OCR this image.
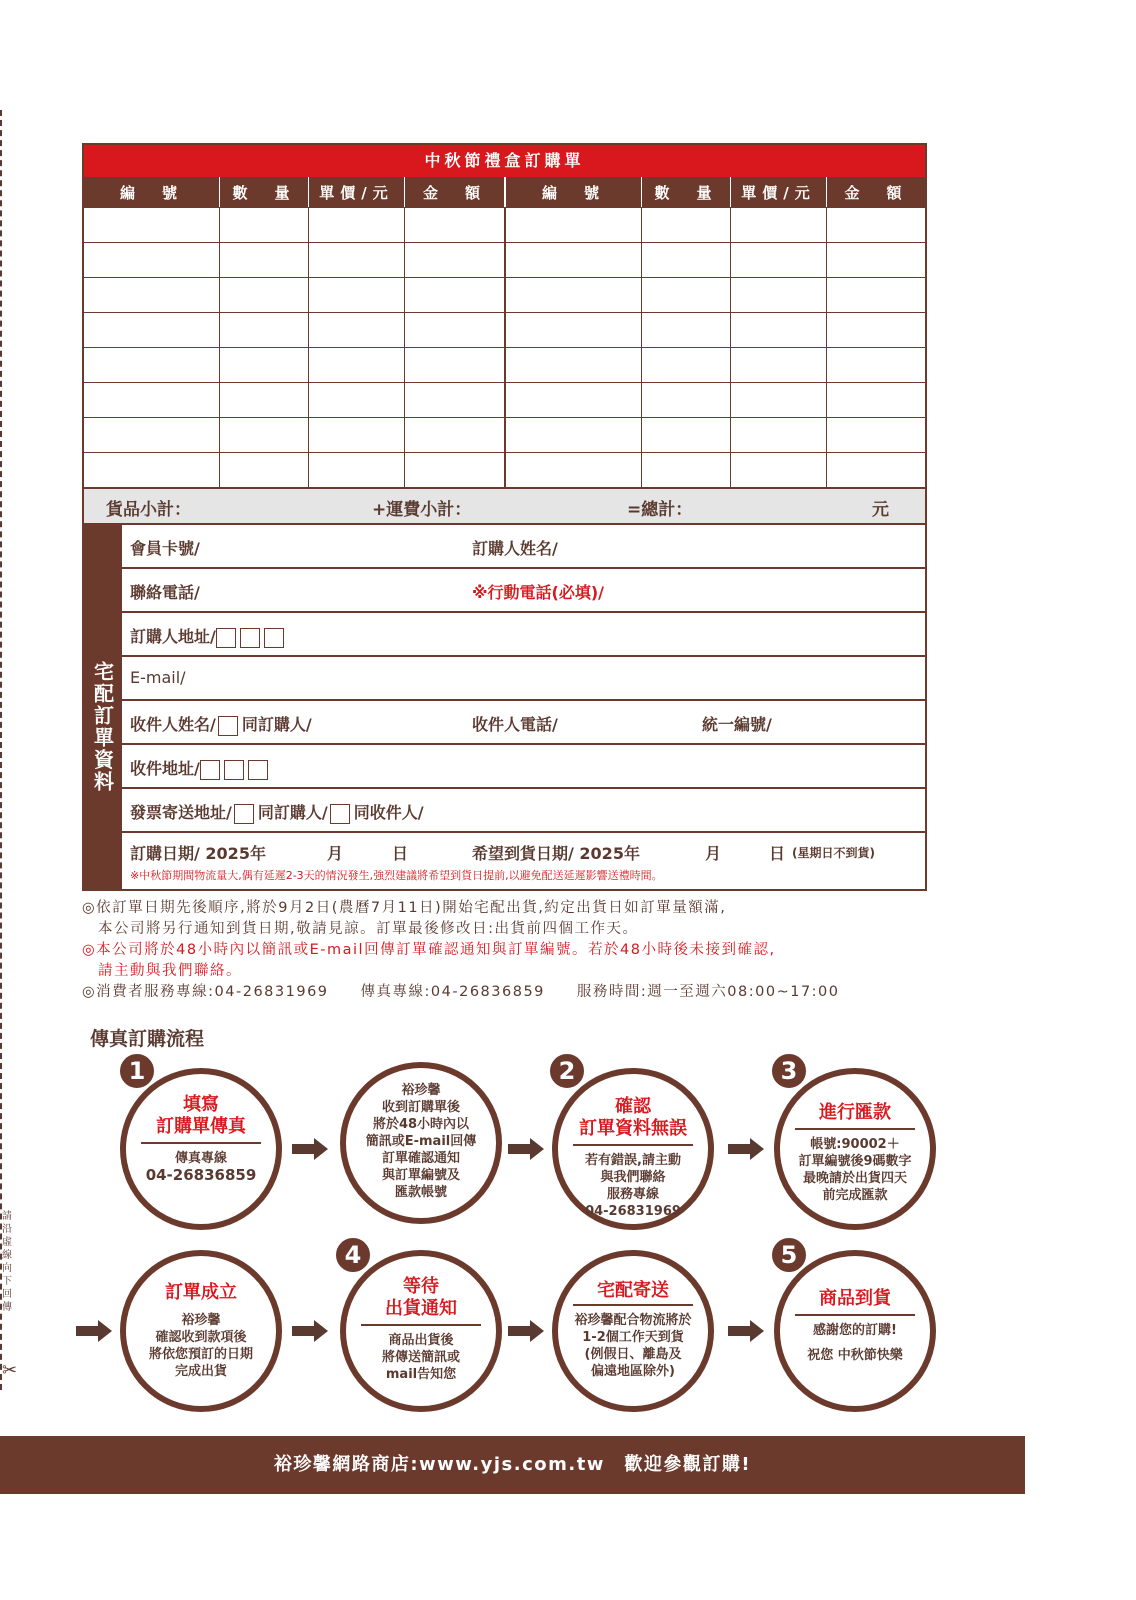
請沿虛線向下回傳
✂
中秋節禮盒訂購單
編　號	數　量	單價/元	金　額	編　號	數　量	單價/元	金　額
貨品小計：	+運費小計：	=總計：	元
宅配訂單資料
會員卡號/	訂購人姓名/
聯絡電話/	※行動電話(必填)/
訂購人地址/
E-mail/
收件人姓名/ 同訂購人/	收件人電話/	統一編號/
收件地址/
發票寄送地址/ 同訂購人/ 同收件人/
訂購日期/ 2025年	月	日	希望到貨日期/ 2025年	月	日 (星期日不到貨)
※中秋節期間物流量大,偶有延遲2-3天的情況發生,強烈建議將希望到貨日提前,以避免配送延遲影響送禮時間。

◎依訂單日期先後順序,將於9月2日(農曆7月11日)開始宅配出貨,約定出貨日如訂單量額滿,

　本公司將另行通知到貨日期,敬請見諒。訂單最後修改日:出貨前四個工作天。

◎本公司將於48小時內以簡訊或E-mail回傳訂單確認通知與訂單編號。若於48小時後未接到確認,

　請主動與我們聯絡。

◎消費者服務專線:04-26831969　　傳真專線:04-26836859　　服務時間:週一至週六08:00~17:00

傳真訂購流程
填寫
訂購單傳真
傳真專線
04-26836859
1
裕珍馨
收到訂購單後
將於48小時內以
簡訊或E-mail回傳
訂單確認通知
與訂單編號及
匯款帳號
確認
訂單資料無誤
若有錯誤,請主動
與我們聯絡
服務專線
04-26831969
2
進行匯款
帳號:90002＋
訂單編號後9碼數字
最晚請於出貨四天
前完成匯款
3
訂單成立
裕珍馨
確認收到款項後
將依您預訂的日期
完成出貨
等待
出貨通知
商品出貨後
將傳送簡訊或
mail告知您
4
宅配寄送
裕珍馨配合物流將於
1-2個工作天到貨
(例假日、離島及
偏遠地區除外)
商品到貨
感謝您的訂購!
祝您 中秋節快樂
5
裕珍馨網路商店:www.yjs.com.tw　歡迎參觀訂購!
